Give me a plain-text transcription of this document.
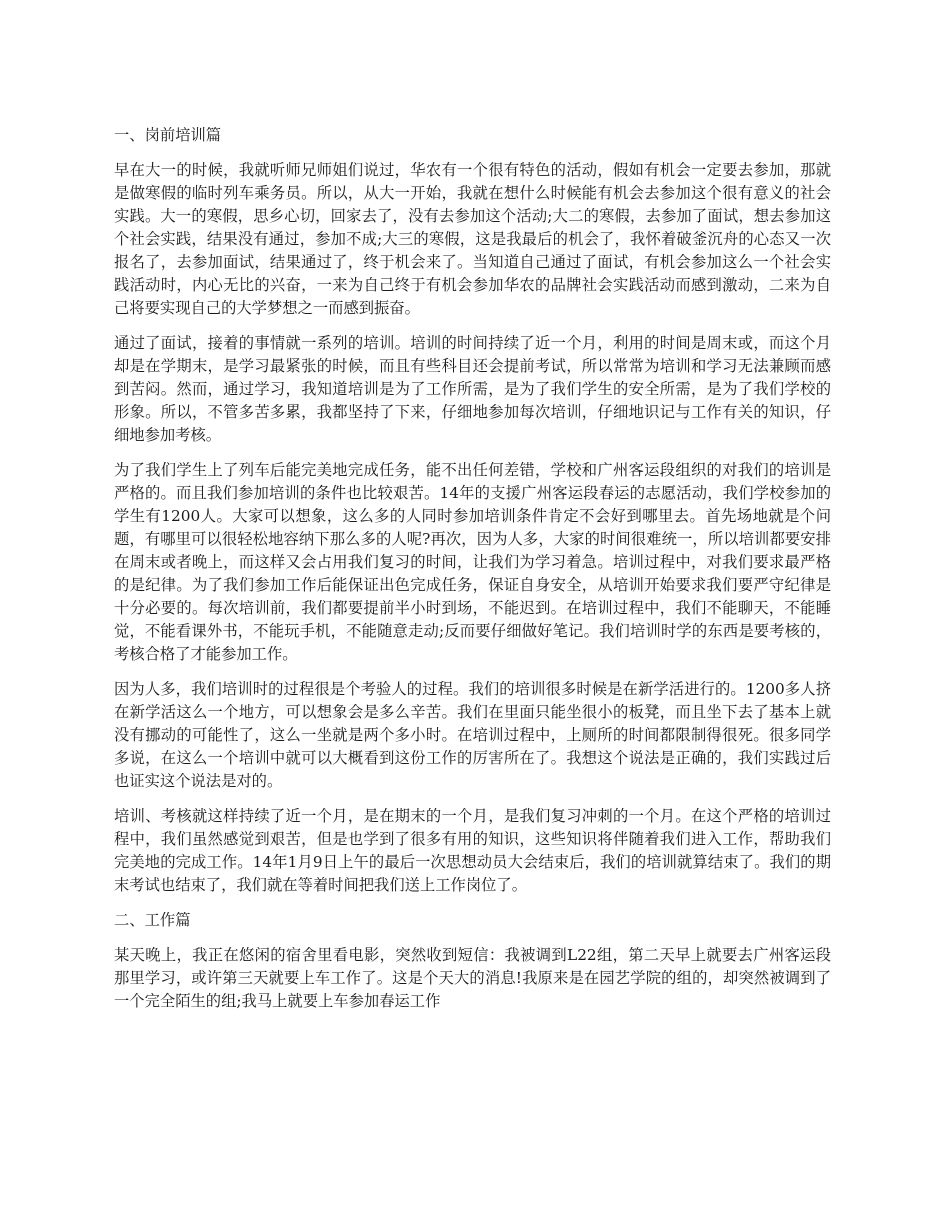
一、岗前培训篇

早在大一的时候，我就听师兄师姐们说过，华农有一个很有特色的活动，假如有机会一定要去参加，那就是做寒假的临时列车乘务员。所以，从大一开始，我就在想什么时候能有机会去参加这个很有意义的社会实践。大一的寒假，思乡心切，回家去了，没有去参加这个活动;大二的寒假，去参加了面试，想去参加这个社会实践，结果没有通过，参加不成;大三的寒假，这是我最后的机会了，我怀着破釜沉舟的心态又一次报名了，去参加面试，结果通过了，终于机会来了。当知道自己通过了面试，有机会参加这么一个社会实践活动时，内心无比的兴奋，一来为自己终于有机会参加华农的品牌社会实践活动而感到激动，二来为自己将要实现自己的大学梦想之一而感到振奋。

通过了面试，接着的事情就一系列的培训。培训的时间持续了近一个月，利用的时间是周末或，而这个月却是在学期末，是学习最紧张的时候，而且有些科目还会提前考试，所以常常为培训和学习无法兼顾而感到苦闷。然而，通过学习，我知道培训是为了工作所需，是为了我们学生的安全所需，是为了我们学校的形象。所以，不管多苦多累，我都坚持了下来，仔细地参加每次培训，仔细地识记与工作有关的知识，仔细地参加考核。

为了我们学生上了列车后能完美地完成任务，能不出任何差错，学校和广州客运段组织的对我们的培训是严格的。而且我们参加培训的条件也比较艰苦。14年的支援广州客运段春运的志愿活动，我们学校参加的学生有1200人。大家可以想象，这么多的人同时参加培训条件肯定不会好到哪里去。首先场地就是个问题，有哪里可以很轻松地容纳下那么多的人呢?再次，因为人多，大家的时间很难统一，所以培训都要安排在周末或者晚上，而这样又会占用我们复习的时间，让我们为学习着急。培训过程中，对我们要求最严格的是纪律。为了我们参加工作后能保证出色完成任务，保证自身安全，从培训开始要求我们要严守纪律是十分必要的。每次培训前，我们都要提前半小时到场，不能迟到。在培训过程中，我们不能聊天，不能睡觉，不能看课外书，不能玩手机，不能随意走动;反而要仔细做好笔记。我们培训时学的东西是要考核的，考核合格了才能参加工作。

因为人多，我们培训时的过程很是个考验人的过程。我们的培训很多时候是在新学活进行的。1200多人挤在新学活这么一个地方，可以想象会是多么辛苦。我们在里面只能坐很小的板凳，而且坐下去了基本上就没有挪动的可能性了，这么一坐就是两个多小时。在培训过程中，上厕所的时间都限制得很死。很多同学多说，在这么一个培训中就可以大概看到这份工作的厉害所在了。我想这个说法是正确的，我们实践过后也证实这个说法是对的。

培训、考核就这样持续了近一个月，是在期末的一个月，是我们复习冲刺的一个月。在这个严格的培训过程中，我们虽然感觉到艰苦，但是也学到了很多有用的知识，这些知识将伴随着我们进入工作，帮助我们完美地的完成工作。14年1月9日上午的最后一次思想动员大会结束后，我们的培训就算结束了。我们的期末考试也结束了，我们就在等着时间把我们送上工作岗位了。

二、工作篇

某天晚上，我正在悠闲的宿舍里看电影，突然收到短信：我被调到L22组，第二天早上就要去广州客运段那里学习，或许第三天就要上车工作了。这是个天大的消息!我原来是在园艺学院的组的，却突然被调到了一个完全陌生的组;我马上就要上车参加春运工作
